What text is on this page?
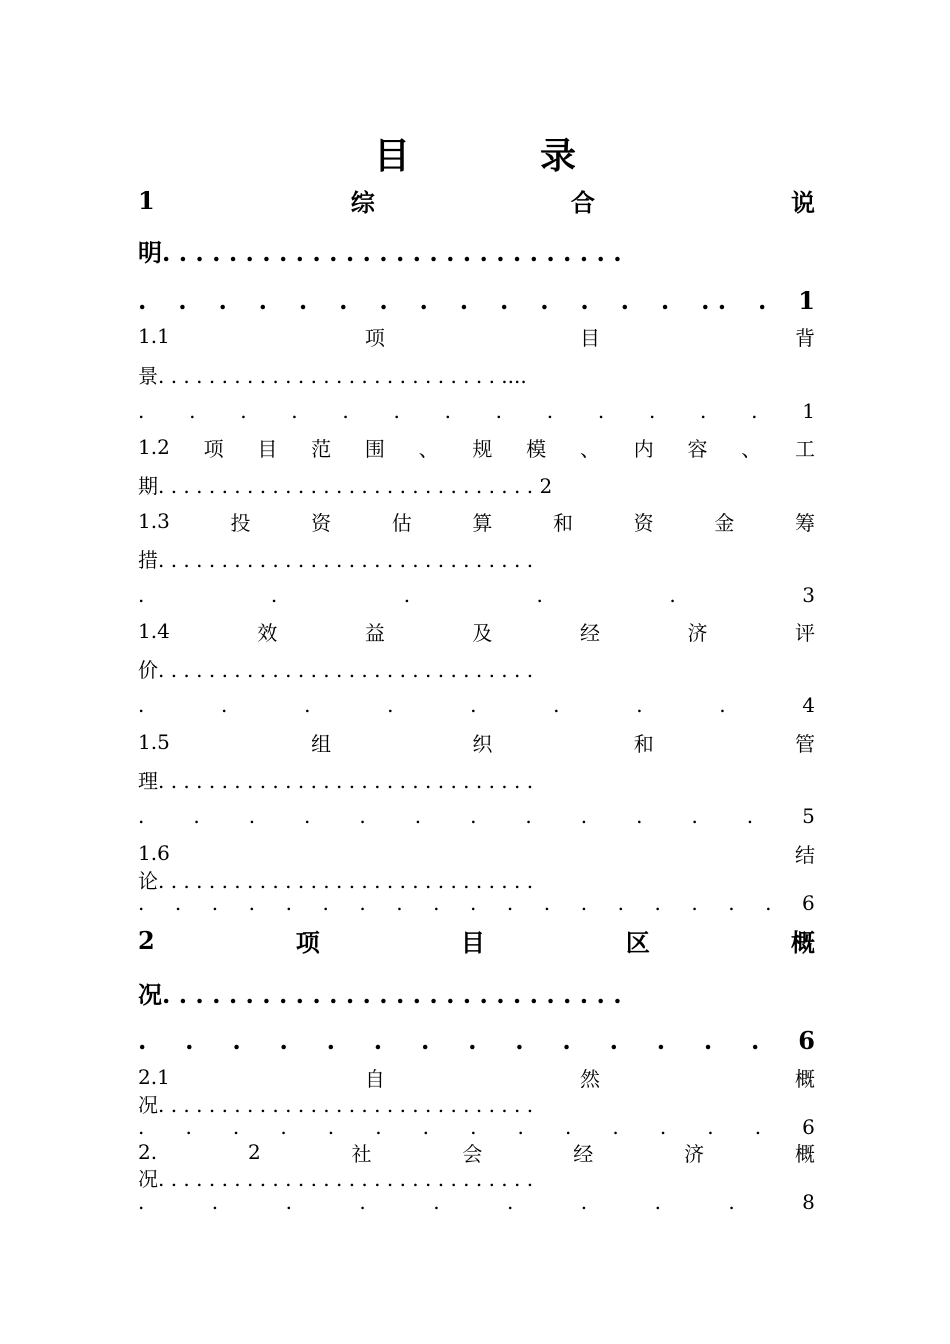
目	录
1	综	合	说
明. . . . . . . . . . . . . . . . . . . . . . . . . . . .
. . . . . . . . . . . . . . . . . 1
1.1	项	目	背
景. . . . . . . . . . . . . . . . . . . . . . . . . . . ....
. . . . . . . . . . . . . 1
1.2 项 目 范 围 、 规 模 、 内 容 、 工
期. . . . . . . . . . . . . . . . . . . . . . . . . . . . . . 2
1.3	投	资	估	算	和	资	金	筹
措. . . . . . . . . . . . . . . . . . . . . . . . . . . . . .
.	.	.	.	.	3
1.4	效	益	及	经	济	评
价. . . . . . . . . . . . . . . . . . . . . . . . . . . . . .
.	.	.	.	.	.	.	.	4
1.5	组	织	和	管
理. . . . . . . . . . . . . . . . . . . . . . . . . . . . . .
. . . . . . . . . . . . 5
1.6	结
论. . . . . . . . . . . . . . . . . . . . . . . . . . . . . .
. . . . . . . . . . . . . . . . . . 6
2	项	目	区	概
况. . . . . . . . . . . . . . . . . . . . . . . . . . . .
. . . . . . . . . . . . . . 6
2.1	自	然	概
况. . . . . . . . . . . . . . . . . . . . . . . . . . . . . .
. . . . . . . . . . . . . . 6
2.	2	社	会	经	济	概
况. . . . . . . . . . . . . . . . . . . . . . . . . . . . . .
.	.	.	.	.	.	.	.	.	8
